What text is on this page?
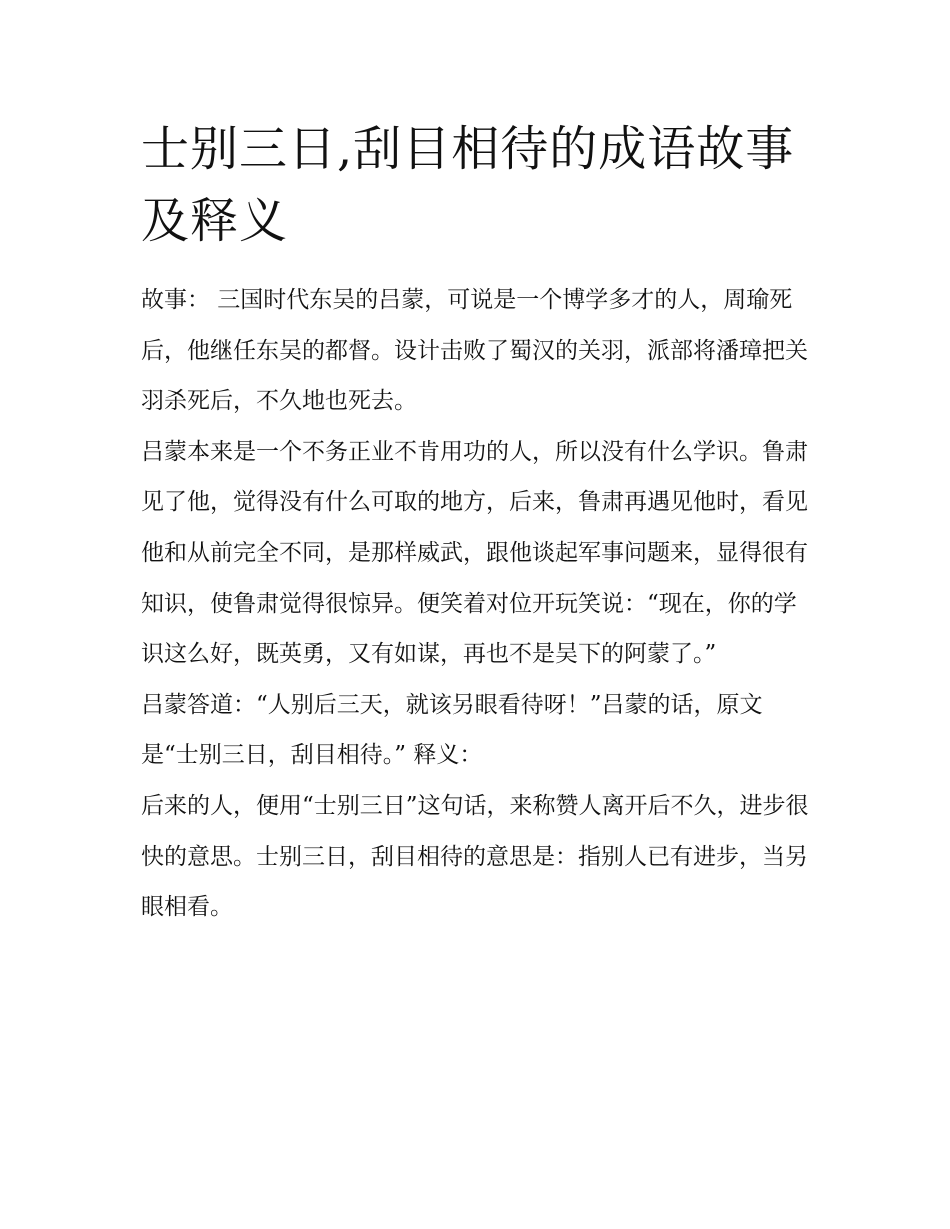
士别三日,刮目相待的成语故事及释义

故事： 三国时代东吴的吕蒙，可说是一个博学多才的人，周瑜死后，他继任东吴的都督。设计击败了蜀汉的关羽，派部将潘璋把关羽杀死后，不久地也死去。

吕蒙本来是一个不务正业不肯用功的人，所以没有什么学识。鲁肃见了他，觉得没有什么可取的地方，后来，鲁肃再遇见他时，看见他和从前完全不同，是那样威武，跟他谈起军事问题来，显得很有知识，使鲁肃觉得很惊异。便笑着对位开玩笑说：“现在，你的学识这么好，既英勇，又有如谋，再也不是吴下的阿蒙了。”

吕蒙答道：“人别后三天，就该另眼看待呀！”吕蒙的话，原文是“士别三日，刮目相待。” 释义：

后来的人，便用“士别三日”这句话，来称赞人离开后不久，进步很快的意思。士别三日，刮目相待的意思是：指别人已有进步，当另眼相看。
